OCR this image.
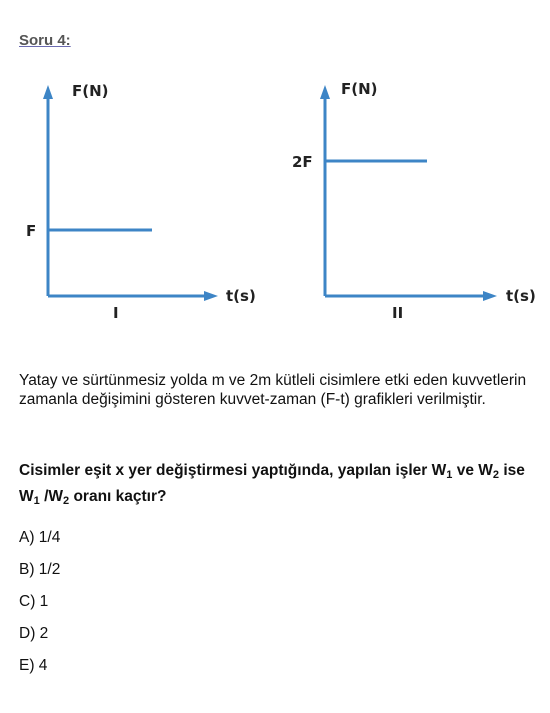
Soru 4:
F(N)
t(s)
F
I
F(N)
t(s)
2F
II
Yatay ve sürtünmesiz yolda m ve 2m kütleli cisimlere etki eden kuvvetlerin zamanla değişimini gösteren kuvvet-zaman (F-t) grafikleri verilmiştir.
Cisimler eşit x yer değiştirmesi yaptığında, yapılan işler $W_1$ ve $W_2$ ise $W_1$ $/W_2$ oranı kaçtır?
A) 1/4
B) 1/2
C) 1
D) 2
E) 4
